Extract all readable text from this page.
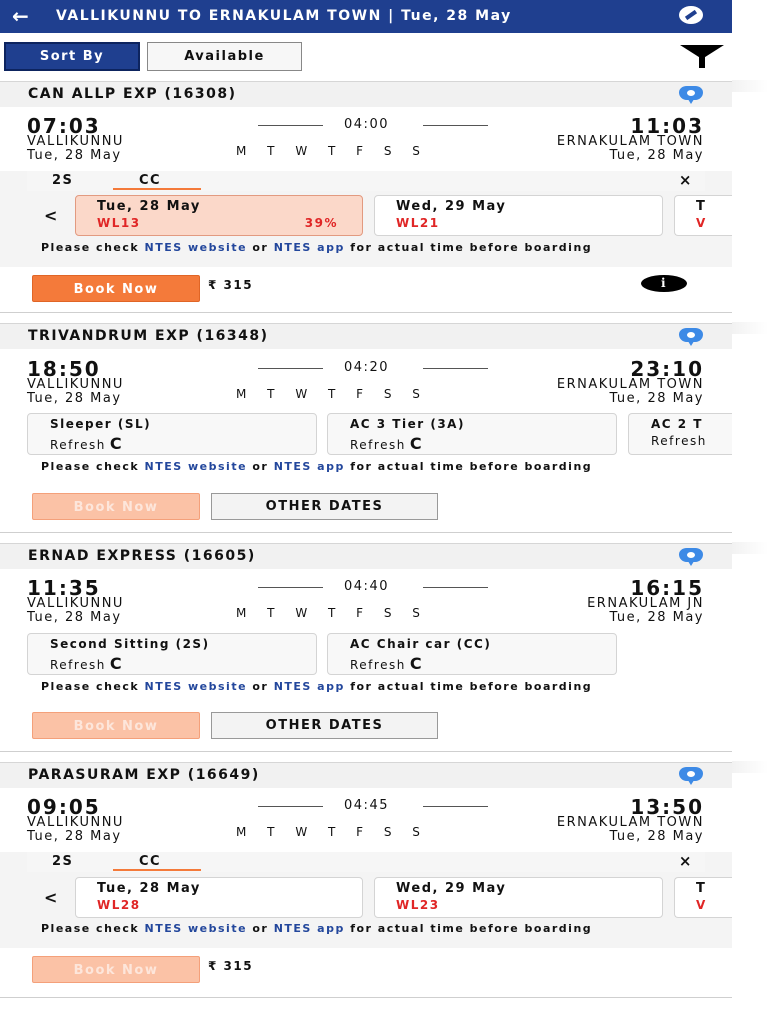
← VALLIKUNNU TO ERNAKULAM TOWN | Tue, 28 May
Sort By	Available
CAN ALLP EXP (16308)
07:03	04:00	11:03
VALLIKUNNU	ERNAKULAM TOWN
Tue, 28 May	M T W T F S S	Tue, 28 May
2S	CC	×
<	Tue, 28 May
WL13	39%
Wed, 29 May
WL21
T
V
Please check NTES website or NTES app for actual time before boarding
Book Now	₹ 315	i
TRIVANDRUM EXP (16348)
18:50	04:20	23:10
VALLIKUNNU	ERNAKULAM TOWN
Tue, 28 May	M T W T F S S	Tue, 28 May
Sleeper (SL)
Refresh C
AC 3 Tier (3A)
Refresh C
AC 2 T
Refresh
Please check NTES website or NTES app for actual time before boarding
Book Now	OTHER DATES
ERNAD EXPRESS (16605)
11:35	04:40	16:15
VALLIKUNNU	ERNAKULAM JN
Tue, 28 May	M T W T F S S	Tue, 28 May
Second Sitting (2S)
Refresh C
AC Chair car (CC)
Refresh C
Please check NTES website or NTES app for actual time before boarding
Book Now	OTHER DATES
PARASURAM EXP (16649)
09:05	04:45	13:50
VALLIKUNNU	ERNAKULAM TOWN
Tue, 28 May	M T W T F S S	Tue, 28 May
2S	CC	×
<	Tue, 28 May
WL28
Wed, 29 May
WL23
T
V
Please check NTES website or NTES app for actual time before boarding
Book Now	₹ 315
